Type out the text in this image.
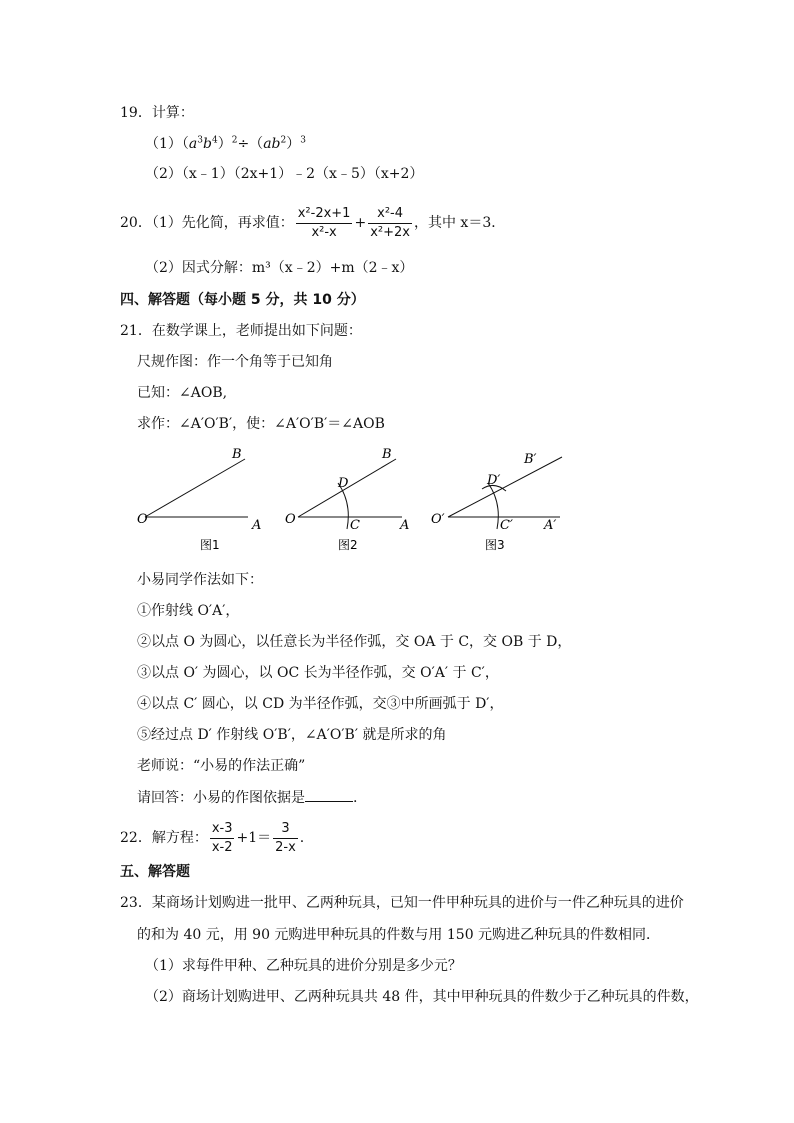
19．计算：
$(1)(a^3b^4)^2\div(ab^2)^3$
（2）（x﹣1）（2x+1）﹣2（x﹣5）（x+2）
20．（1）先化简，再求值： $\frac{\text{x²-2x+1}}{\text{x²-x}} + \frac{\text{x²-4}}{\text{x²+2x}}$ ，其中 x＝3．
（2）因式分解：m³（x﹣2）+m（2﹣x）
四、解答题（每小题 5 分，共 10 分）
21．在数学课上，老师提出如下问题：
尺规作图：作一个角等于已知角
已知：∠AOB,
求作：∠A′O′B′，使：∠A′O′B′＝∠AOB
O	A
B
图1
O	A
B
C
D
图2
O′	A′
B′
C′
D′
图3
小易同学作法如下：
①作射线 O′A′，
②以点 O 为圆心，以任意长为半径作弧，交 OA 于 C，交 OB 于 D，
③以点 O′ 为圆心，以 OC 长为半径作弧，交 O′A′ 于 C′，
④以点 C′ 圆心，以 CD 为半径作弧，交③中所画弧于 D′，
⑤经过点 D′ 作射线 O′B′，∠A′O′B′ 就是所求的角
老师说：“小易的作法正确”
请回答：小易的作图依据是	.
22．解方程： $\frac{x-3}{x-2} +1= \frac{3}{2-x}$ .
五、解答题
23．某商场计划购进一批甲、乙两种玩具，已知一件甲种玩具的进价与一件乙种玩具的进价
的和为 40 元，用 90 元购进甲种玩具的件数与用 150 元购进乙种玩具的件数相同．
（1）求每件甲种、乙种玩具的进价分别是多少元？
（2）商场计划购进甲、乙两种玩具共 48 件，其中甲种玩具的件数少于乙种玩具的件数，
